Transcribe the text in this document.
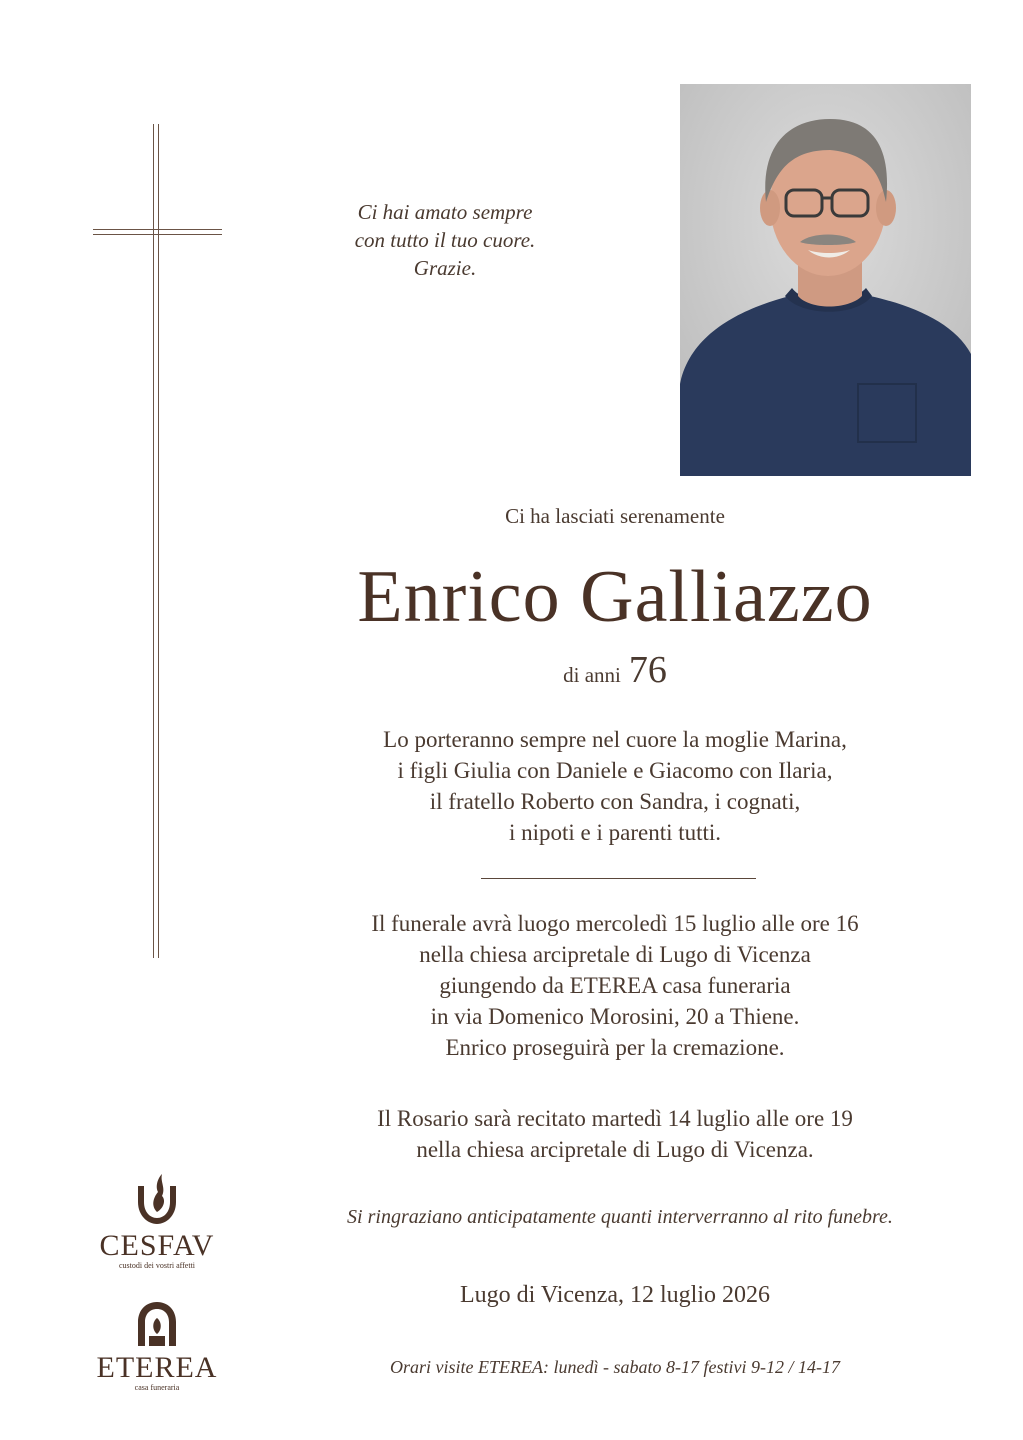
Ci hai amato sempre
con tutto il tuo cuore.
Grazie.
Ci ha lasciati serenamente
Enrico Galliazzo
di anni 76
Lo porteranno sempre nel cuore la moglie Marina,
i figli Giulia con Daniele e Giacomo con Ilaria,
il fratello Roberto con Sandra, i cognati,
i nipoti e i parenti tutti.
Il funerale avrà luogo mercoledì 15 luglio alle ore 16
nella chiesa arcipretale di Lugo di Vicenza
giungendo da ETEREA casa funeraria
in via Domenico Morosini, 20 a Thiene.
Enrico proseguirà per la cremazione.
Il Rosario sarà recitato martedì 14 luglio alle ore 19
nella chiesa arcipretale di Lugo di Vicenza.
Si ringraziano anticipatamente quanti interverranno al rito funebre.
Lugo di Vicenza, 12 luglio 2026
Orari visite ETEREA: lunedì - sabato 8-17 festivi 9-12 / 14-17
CESFAV
custodi dei vostri affetti
ETEREA
casa funeraria
